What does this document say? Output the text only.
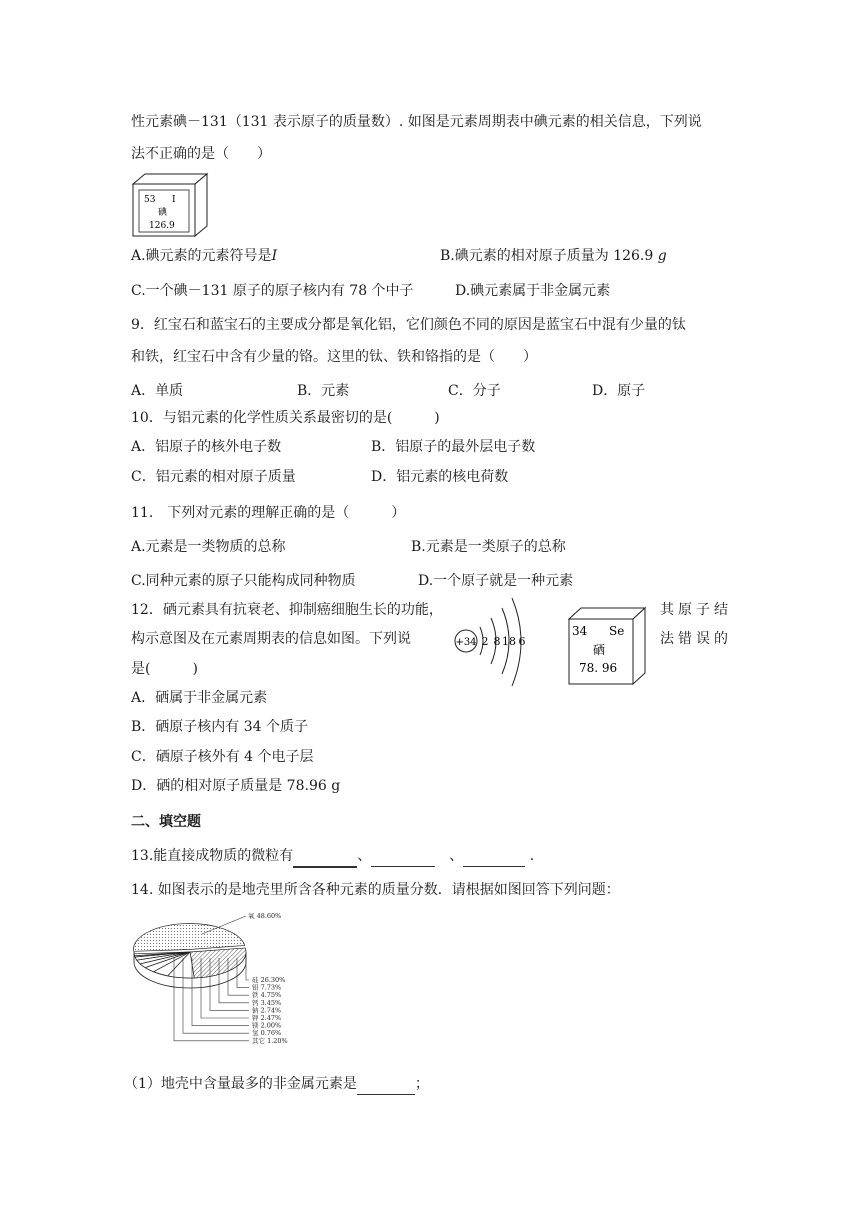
性元素碘－131（131 表示原子的质量数）. 如图是元素周期表中碘元素的相关信息，下列说
法不正确的是（　　）
53 I
碘
126.9
A.碘元素的元素符号是I	B.碘元素的相对原子质量为 126.9 g
C.一个碘－131 原子的原子核内有 78 个中子	D.碘元素属于非金属元素
9．红宝石和蓝宝石的主要成分都是氧化铝，它们颜色不同的原因是蓝宝石中混有少量的钛
和铁，红宝石中含有少量的铬。这里的钛、铁和铬指的是（　　）
A．单质	B．元素	C．分子	D．原子
10．与铝元素的化学性质关系最密切的是(　　　)
A．铝原子的核外电子数	B．铝原子的最外层电子数
C．铝元素的相对原子质量	D．铝元素的核电荷数
11.　下列对元素的理解正确的是（　　　）
A.元素是一类物质的总称	B.元素是一类原子的总称
C.同种元素的原子只能构成同种物质	D.一个原子就是一种元素
12．硒元素具有抗衰老、抑制癌细胞生长的功能，	其原子结
构示意图及在元素周期表的信息如图。下列说	法错误的
是(　　　)
+34 2 8 18 6
34 Se
硒
78. 96
A．硒属于非金属元素
B．硒原子核内有 34 个质子
C．硒原子核外有 4 个电子层
D．硒的相对原子质量是 78.96 g
二、填空题
13.能直接成物质的微粒有	、	　、	．
14. 如图表示的是地壳里所含各种元素的质量分数．请根据如图回答下列问题：
氧 48.60%
硅 26.30%
铝 7.73%
铁 4.75%
钙 3.45%
钠 2.74%
钾 2.47%
镁 2.00%
氢 0.76%
其它 1.20%
（1）地壳中含量最多的非金属元素是	；
